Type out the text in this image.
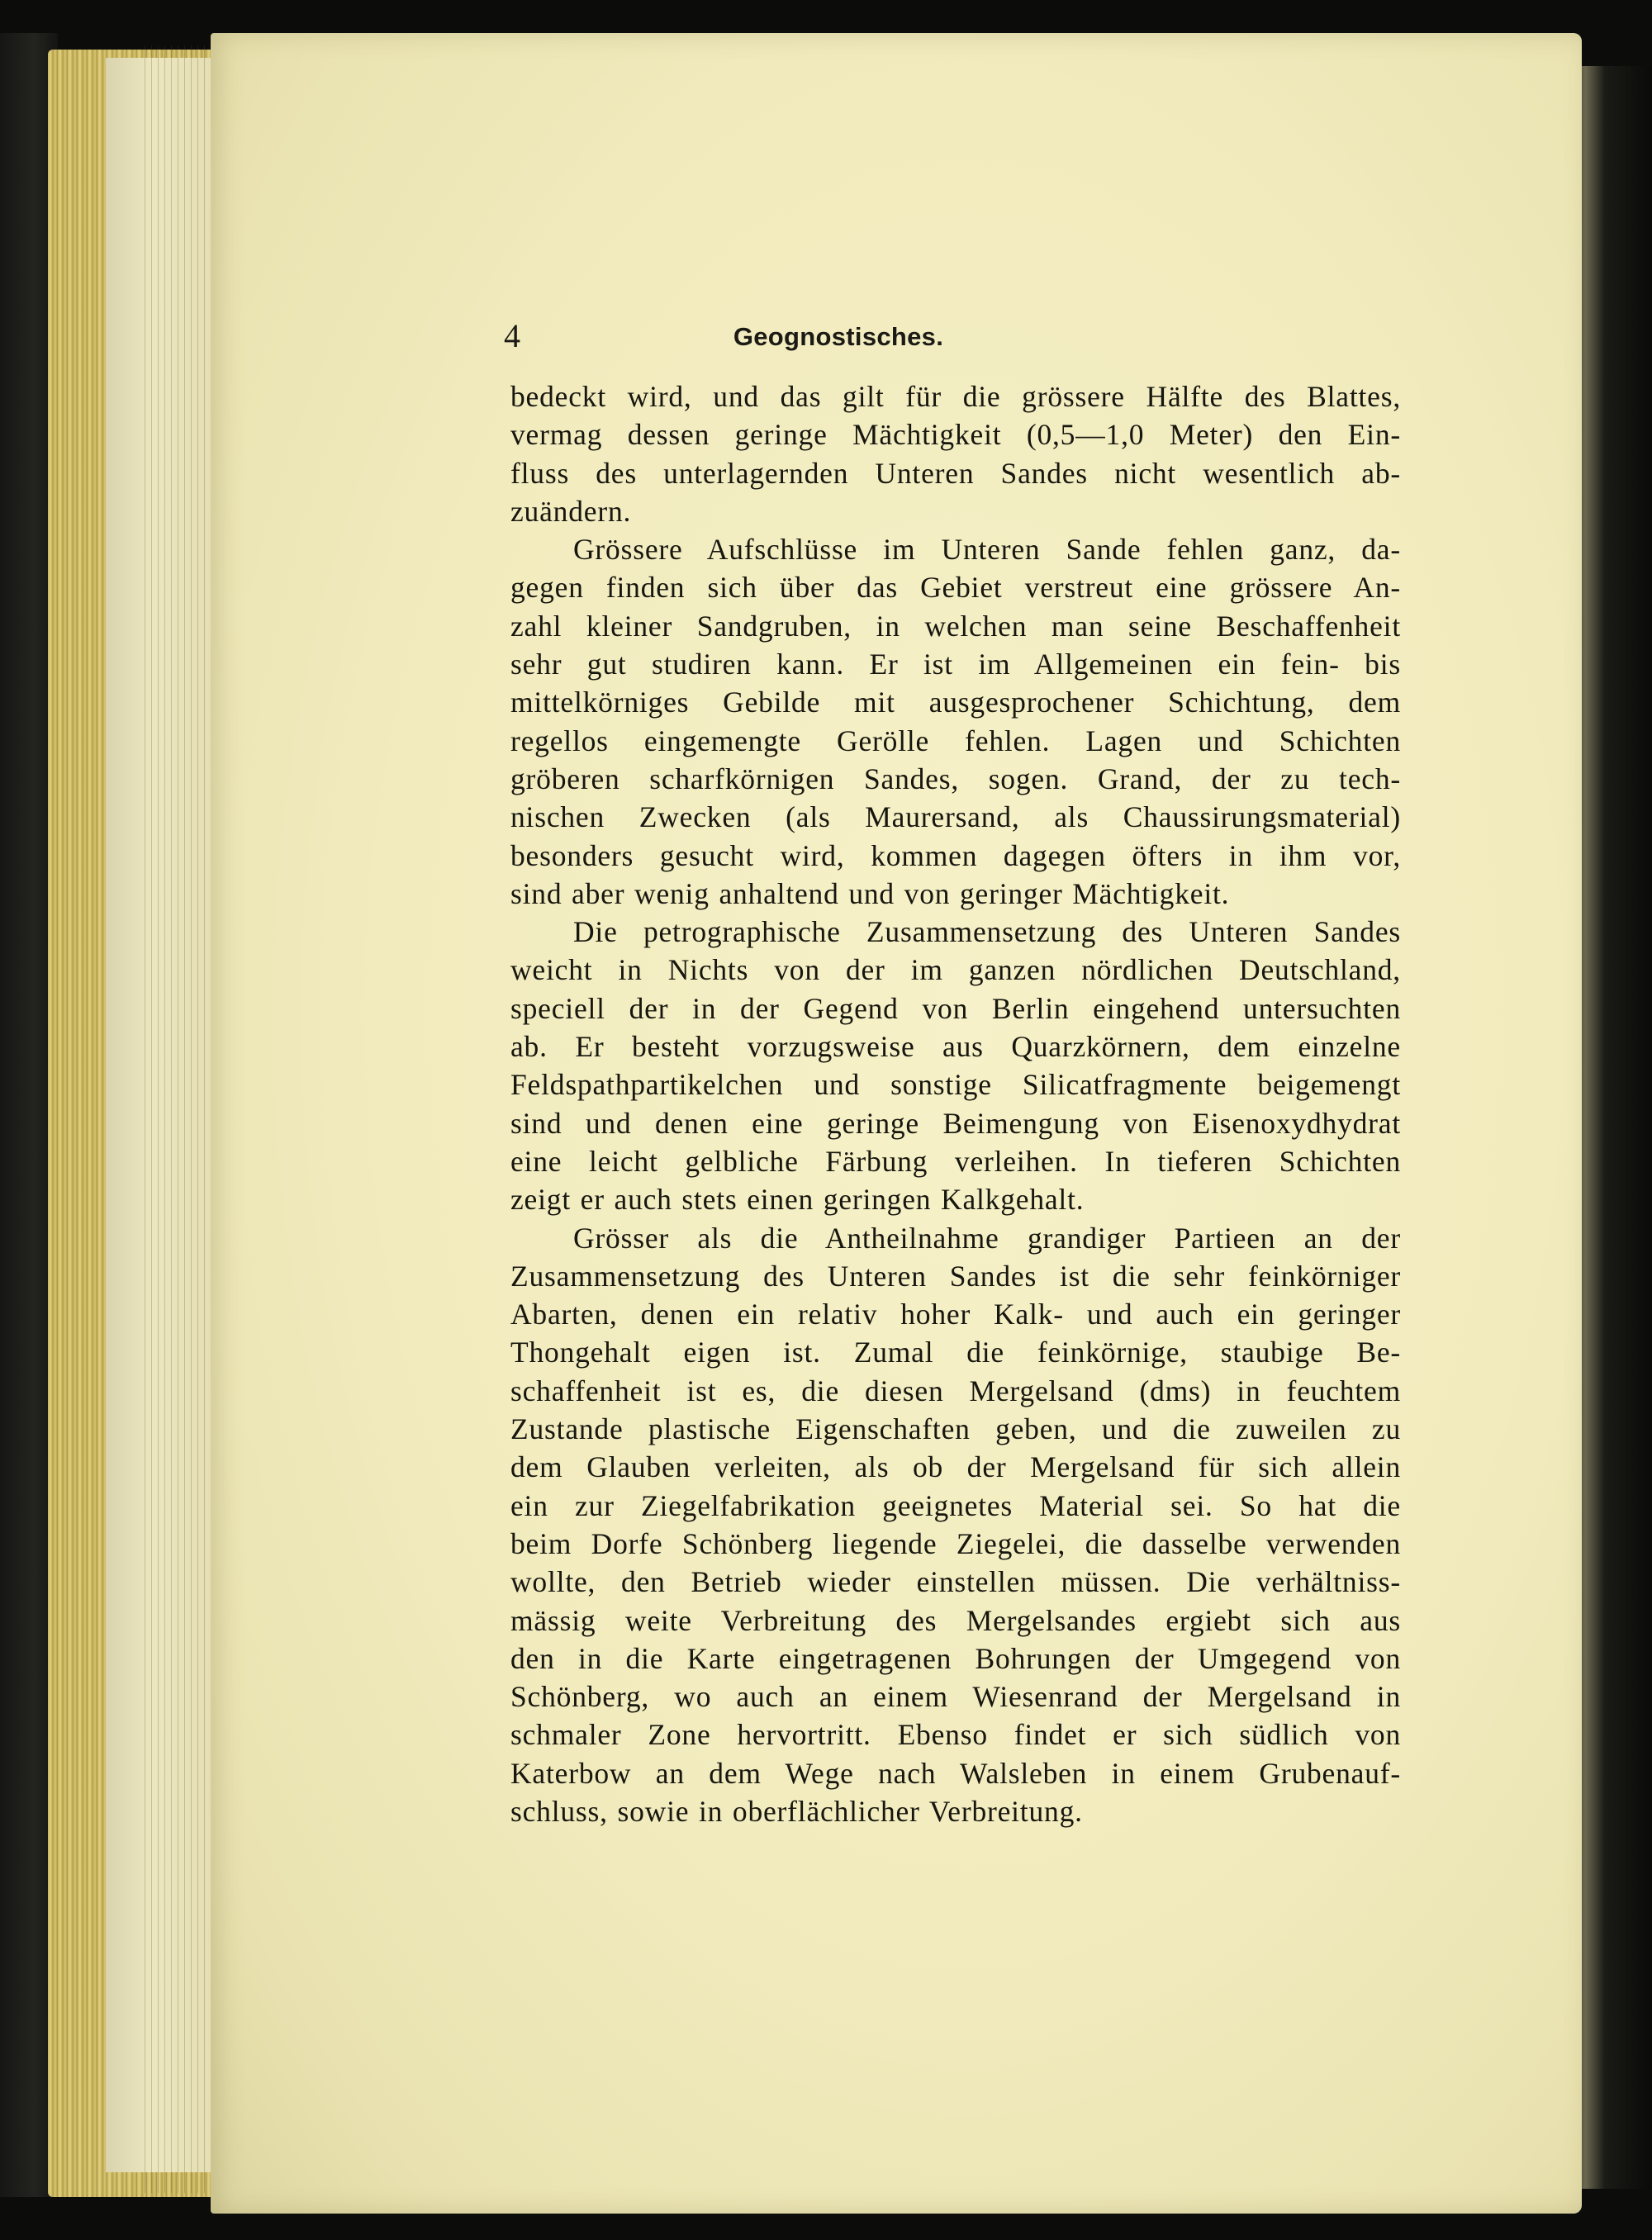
4	Geognostisches.
bedeckt wird, und das gilt für die grössere Hälfte des Blattes,
vermag dessen geringe Mächtigkeit (0,5—1,0 Meter) den Ein-
fluss des unterlagernden Unteren Sandes nicht wesentlich ab-
zuändern.
Grössere Aufschlüsse im Unteren Sande fehlen ganz, da-
gegen finden sich über das Gebiet verstreut eine grössere An-
zahl kleiner Sandgruben, in welchen man seine Beschaffenheit
sehr gut studiren kann. Er ist im Allgemeinen ein fein- bis
mittelkörniges Gebilde mit ausgesprochener Schichtung, dem
regellos eingemengte Gerölle fehlen. Lagen und Schichten
gröberen scharfkörnigen Sandes, sogen. Grand, der zu tech-
nischen Zwecken (als Maurersand, als Chaussirungsmaterial)
besonders gesucht wird, kommen dagegen öfters in ihm vor,
sind aber wenig anhaltend und von geringer Mächtigkeit.
Die petrographische Zusammensetzung des Unteren Sandes
weicht in Nichts von der im ganzen nördlichen Deutschland,
speciell der in der Gegend von Berlin eingehend untersuchten
ab. Er besteht vorzugsweise aus Quarzkörnern, dem einzelne
Feldspathpartikelchen und sonstige Silicatfragmente beigemengt
sind und denen eine geringe Beimengung von Eisenoxydhydrat
eine leicht gelbliche Färbung verleihen. In tieferen Schichten
zeigt er auch stets einen geringen Kalkgehalt.
Grösser als die Antheilnahme grandiger Partieen an der
Zusammensetzung des Unteren Sandes ist die sehr feinkörniger
Abarten, denen ein relativ hoher Kalk- und auch ein geringer
Thongehalt eigen ist. Zumal die feinkörnige, staubige Be-
schaffenheit ist es, die diesen Mergelsand (dms) in feuchtem
Zustande plastische Eigenschaften geben, und die zuweilen zu
dem Glauben verleiten, als ob der Mergelsand für sich allein
ein zur Ziegelfabrikation geeignetes Material sei. So hat die
beim Dorfe Schönberg liegende Ziegelei, die dasselbe verwenden
wollte, den Betrieb wieder einstellen müssen. Die verhältniss-
mässig weite Verbreitung des Mergelsandes ergiebt sich aus
den in die Karte eingetragenen Bohrungen der Umgegend von
Schönberg, wo auch an einem Wiesenrand der Mergelsand in
schmaler Zone hervortritt. Ebenso findet er sich südlich von
Katerbow an dem Wege nach Walsleben in einem Grubenauf-
schluss, sowie in oberflächlicher Verbreitung.
